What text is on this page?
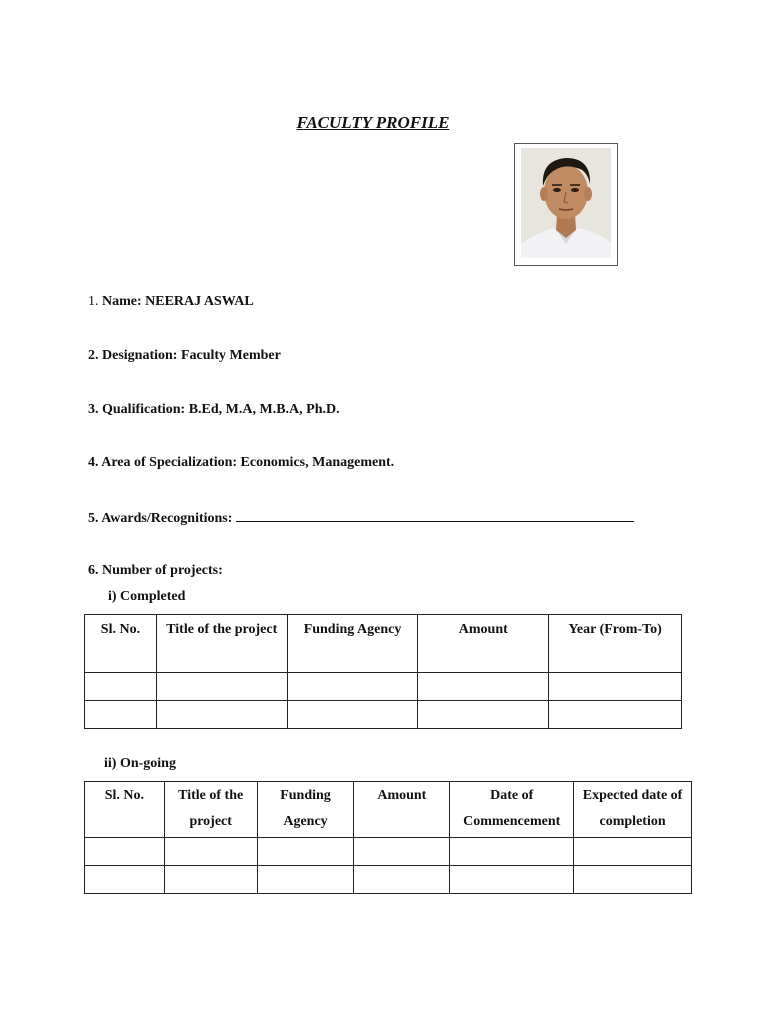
FACULTY PROFILE
1. Name: NEERAJ ASWAL
2. Designation: Faculty Member
3. Qualification: B.Ed, M.A, M.B.A, Ph.D.
4. Area of Specialization: Economics, Management.
5. Awards/Recognitions:
6. Number of projects:
i) Completed
Sl. No.	Title of the project	Funding Agency	Amount	Year (From-To)

ii) On-going
Sl. No.	Title of the project	Funding Agency	Amount	Date of Commencement	Expected date of completion
